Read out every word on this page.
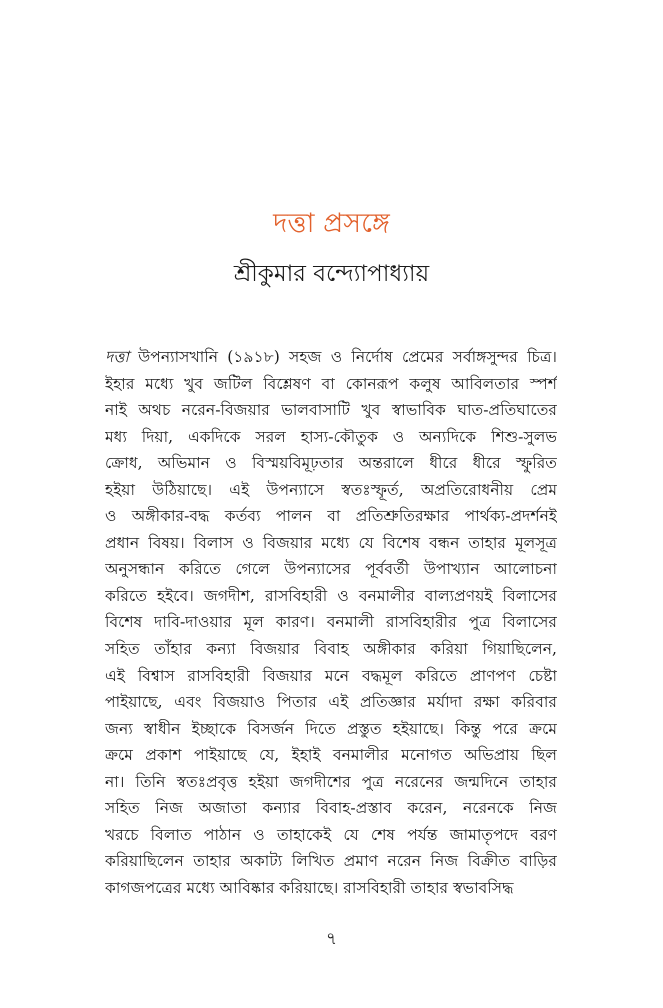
দত্তা প্রসঙ্গে
শ্রীকুমার বন্দ্যোপাধ্যায়
দত্তা উপন্যাসখানি (১৯১৮) সহজ ও নির্দোষ প্রেমের সর্বাঙ্গসুন্দর চিত্র।
ইহার মধ্যে খুব জটিল বিশ্লেষণ বা কোনরূপ কলুষ আবিলতার স্পর্শ
নাই অথচ নরেন-বিজয়ার ভালবাসাটি খুব স্বাভাবিক ঘাত-প্রতিঘাতের
মধ্য দিয়া, একদিকে সরল হাস্য-কৌতুক ও অন্যদিকে শিশু-সুলভ
ক্রোধ, অভিমান ও বিস্ময়বিমূঢ়তার অন্তরালে ধীরে ধীরে স্ফুরিত
হইয়া উঠিয়াছে। এই উপন্যাসে স্বতঃস্ফূর্ত, অপ্রতিরোধনীয় প্রেম
ও অঙ্গীকার-বদ্ধ কর্তব্য পালন বা প্রতিশ্রুতিরক্ষার পার্থক্য-প্রদর্শনই
প্রধান বিষয়। বিলাস ও বিজয়ার মধ্যে যে বিশেষ বন্ধন তাহার মূলসূত্র
অনুসন্ধান করিতে গেলে উপন্যাসের পূর্ববর্তী উপাখ্যান আলোচনা
করিতে হইবে। জগদীশ, রাসবিহারী ও বনমালীর বাল্যপ্রণয়ই বিলাসের
বিশেষ দাবি-দাওয়ার মূল কারণ। বনমালী রাসবিহারীর পুত্র বিলাসের
সহিত তাঁহার কন্যা বিজয়ার বিবাহ অঙ্গীকার করিয়া গিয়াছিলেন,
এই বিশ্বাস রাসবিহারী বিজয়ার মনে বদ্ধমূল করিতে প্রাণপণ চেষ্টা
পাইয়াছে, এবং বিজয়াও পিতার এই প্রতিজ্ঞার মর্যাদা রক্ষা করিবার
জন্য স্বাধীন ইচ্ছাকে বিসর্জন দিতে প্রস্তুত হইয়াছে। কিন্তু পরে ক্রমে
ক্রমে প্রকাশ পাইয়াছে যে, ইহাই বনমালীর মনোগত অভিপ্রায় ছিল
না। তিনি স্বতঃপ্রবৃত্ত হইয়া জগদীশের পুত্র নরেনের জন্মদিনে তাহার
সহিত নিজ অজাতা কন্যার বিবাহ-প্রস্তাব করেন, নরেনকে নিজ
খরচে বিলাত পাঠান ও তাহাকেই যে শেষ পর্যন্ত জামাতৃপদে বরণ
করিয়াছিলেন তাহার অকাট্য লিখিত প্রমাণ নরেন নিজ বিক্রীত বাড়ির
কাগজপত্রের মধ্যে আবিষ্কার করিয়াছে। রাসবিহারী তাহার স্বভাবসিদ্ধ
৭
